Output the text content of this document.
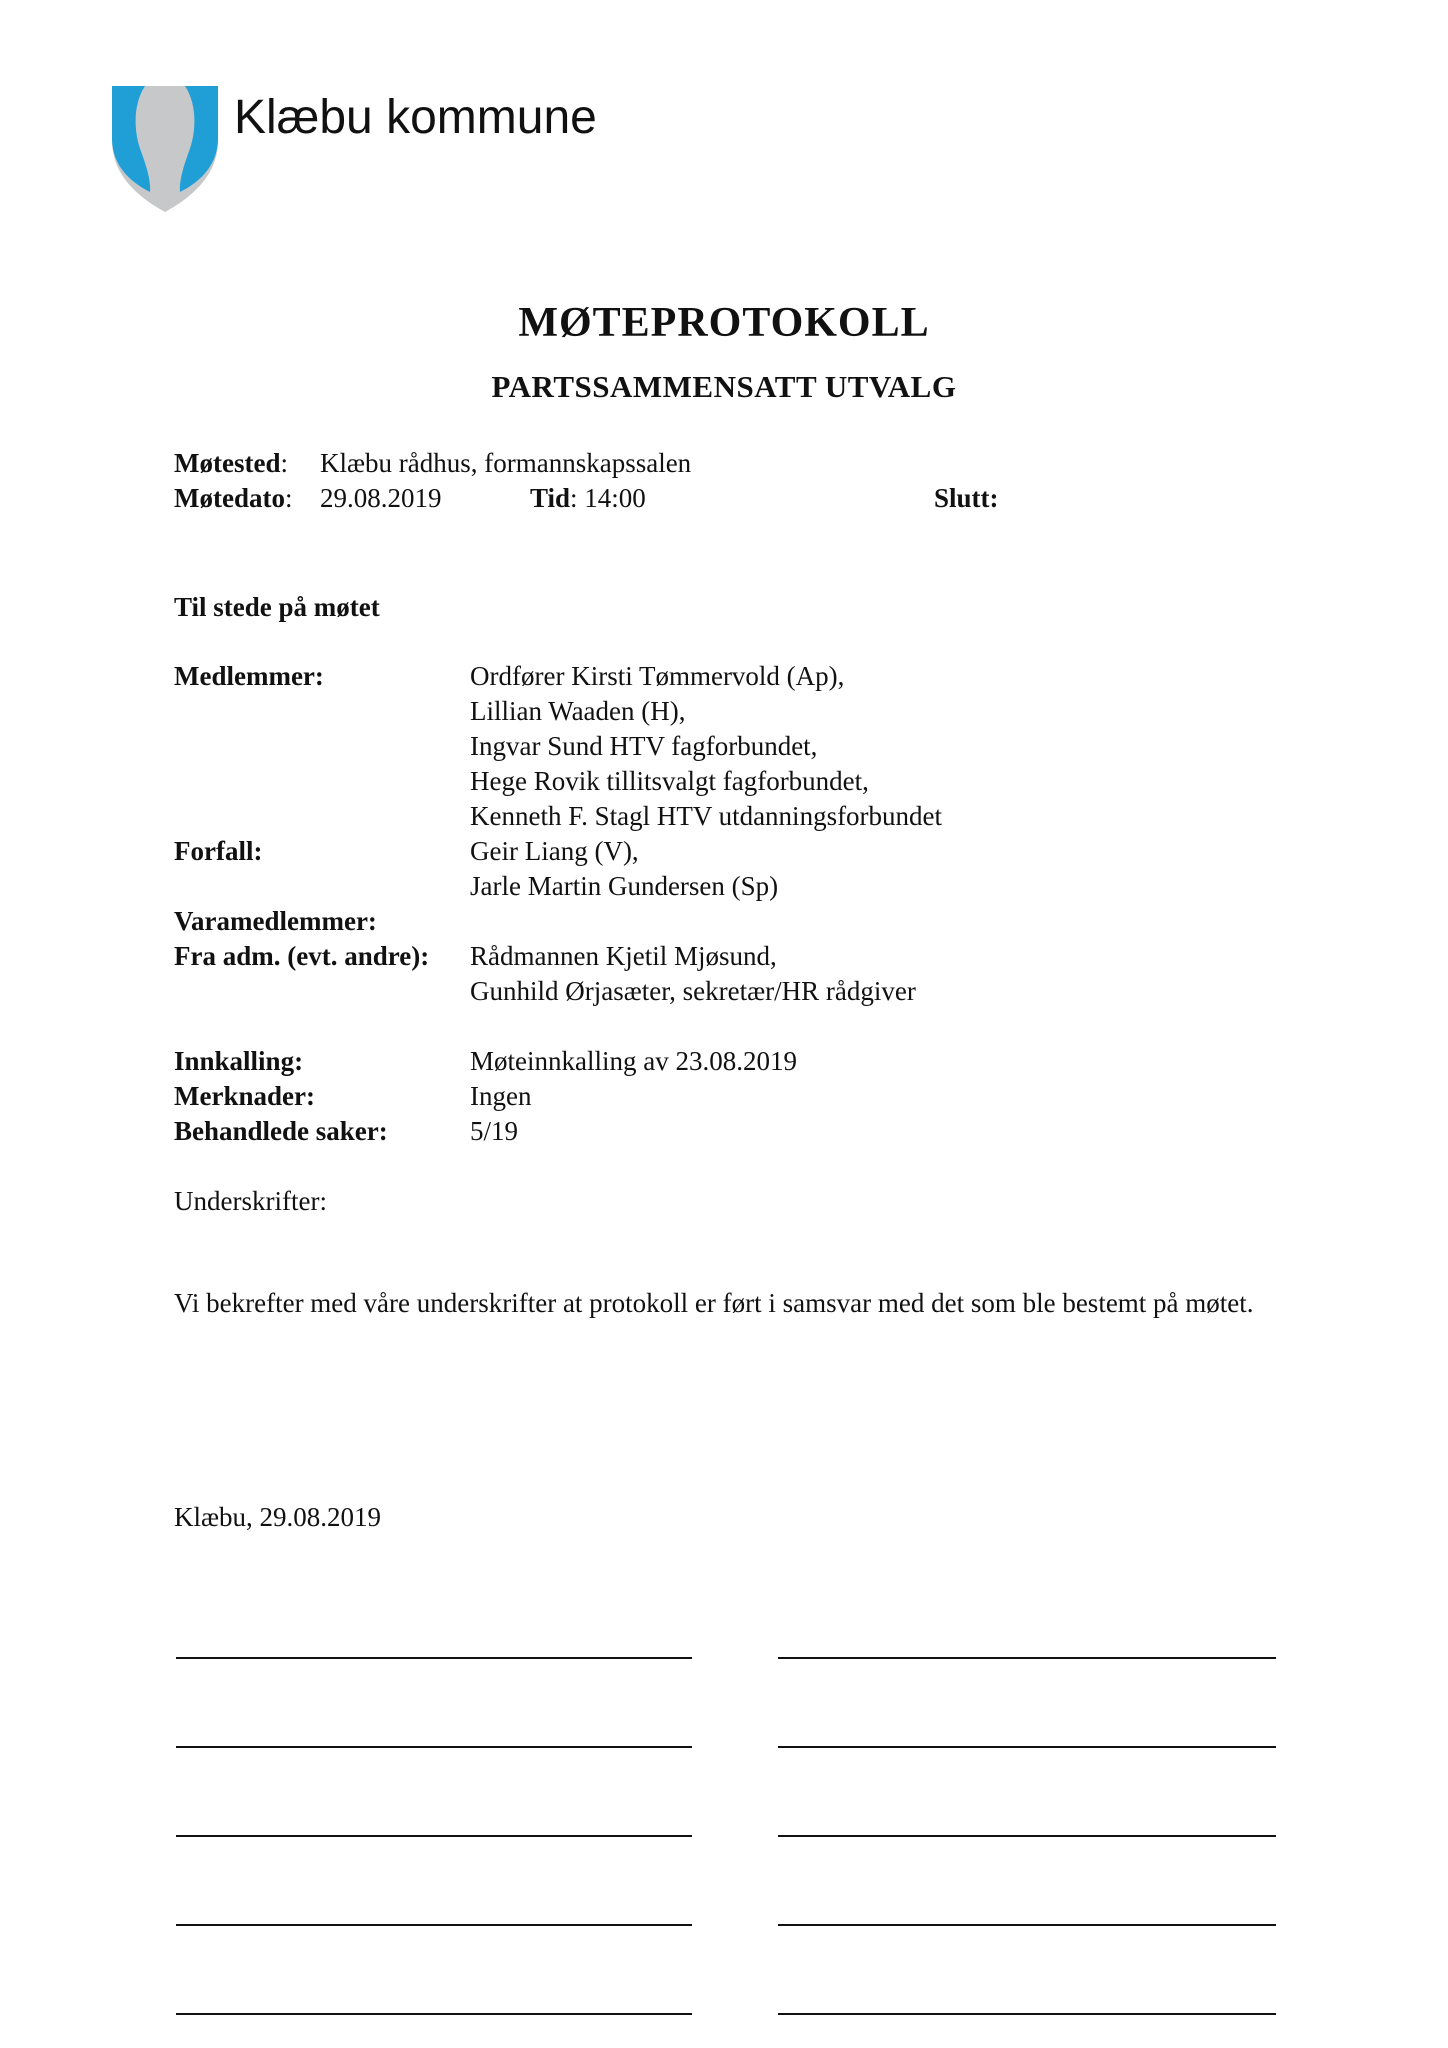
Klæbu kommune
MØTEPROTOKOLL
PARTSSAMMENSATT UTVALG
Møtested: Klæbu rådhus, formannskapssalen
Møtedato: 29.08.2019	Tid: 14:00	Slutt:
Til stede på møtet
Medlemmer:	Ordfører Kirsti Tømmervold (Ap),
Lillian Waaden (H),
Ingvar Sund HTV fagforbundet,
Hege Rovik tillitsvalgt fagforbundet,
Kenneth F. Stagl HTV utdanningsforbundet
Forfall:	Geir Liang (V),
Jarle Martin Gundersen (Sp)
Varamedlemmer:
Fra adm. (evt. andre): Rådmannen Kjetil Mjøsund,
Gunhild Ørjasæter, sekretær/HR rådgiver
Innkalling:	Møteinnkalling av 23.08.2019
Merknader:	Ingen
Behandlede saker:	5/19
Underskrifter:
Vi bekrefter med våre underskrifter at protokoll er ført i samsvar med det som ble bestemt på møtet.
Klæbu, 29.08.2019
